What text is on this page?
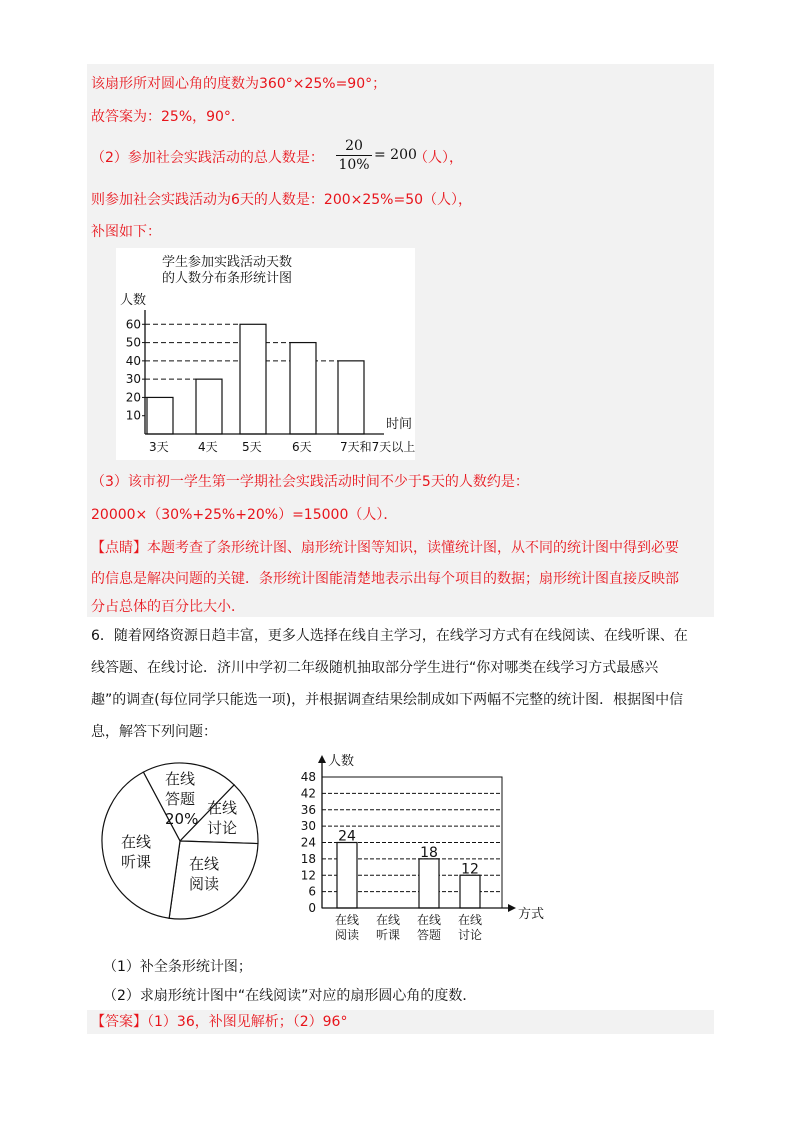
该扇形所对圆心角的度数为360°×25%=90°；
故答案为：25%，90°．
（2）参加社会实践活动的总人数是： $\frac{20}{10\%} = 200$
（人），
则参加社会实践活动为6天的人数是：200×25%=50（人），
补图如下：
学生参加实践活动天数
的人数分布条形统计图
人数
时间
10
20
30
40
50
60
3天 4天 5天	6天 7天和7天以上
（3）该市初一学生第一学期社会实践活动时间不少于5天的人数约是：
20000×（30%+25%+20%）=15000（人）．
【点睛】本题考查了条形统计图、扇形统计图等知识，读懂统计图，从不同的统计图中得到必要
的信息是解决问题的关键．条形统计图能清楚地表示出每个项目的数据；扇形统计图直接反映部
分占总体的百分比大小．
6．随着网络资源日趋丰富，更多人选择在线自主学习，在线学习方式有在线阅读、在线听课、在
线答题、在线讨论．济川中学初二年级随机抽取部分学生进行“你对哪类在线学习方式最感兴
趣”的调查(每位同学只能选一项)，并根据调查结果绘制成如下两幅不完整的统计图．根据图中信
息，解答下列问题：
在线
答题
20%
在线
讨论
在线
阅读
在线
听课
人数
方式
24
18
12
0
6
12
18
24
30
36
42
48
在线
阅读
在线
听课
在线
答题
在线
讨论
（1）补全条形统计图；
（2）求扇形统计图中“在线阅读”对应的扇形圆心角的度数．
【答案】（1）36，补图见解析；（2）96°
